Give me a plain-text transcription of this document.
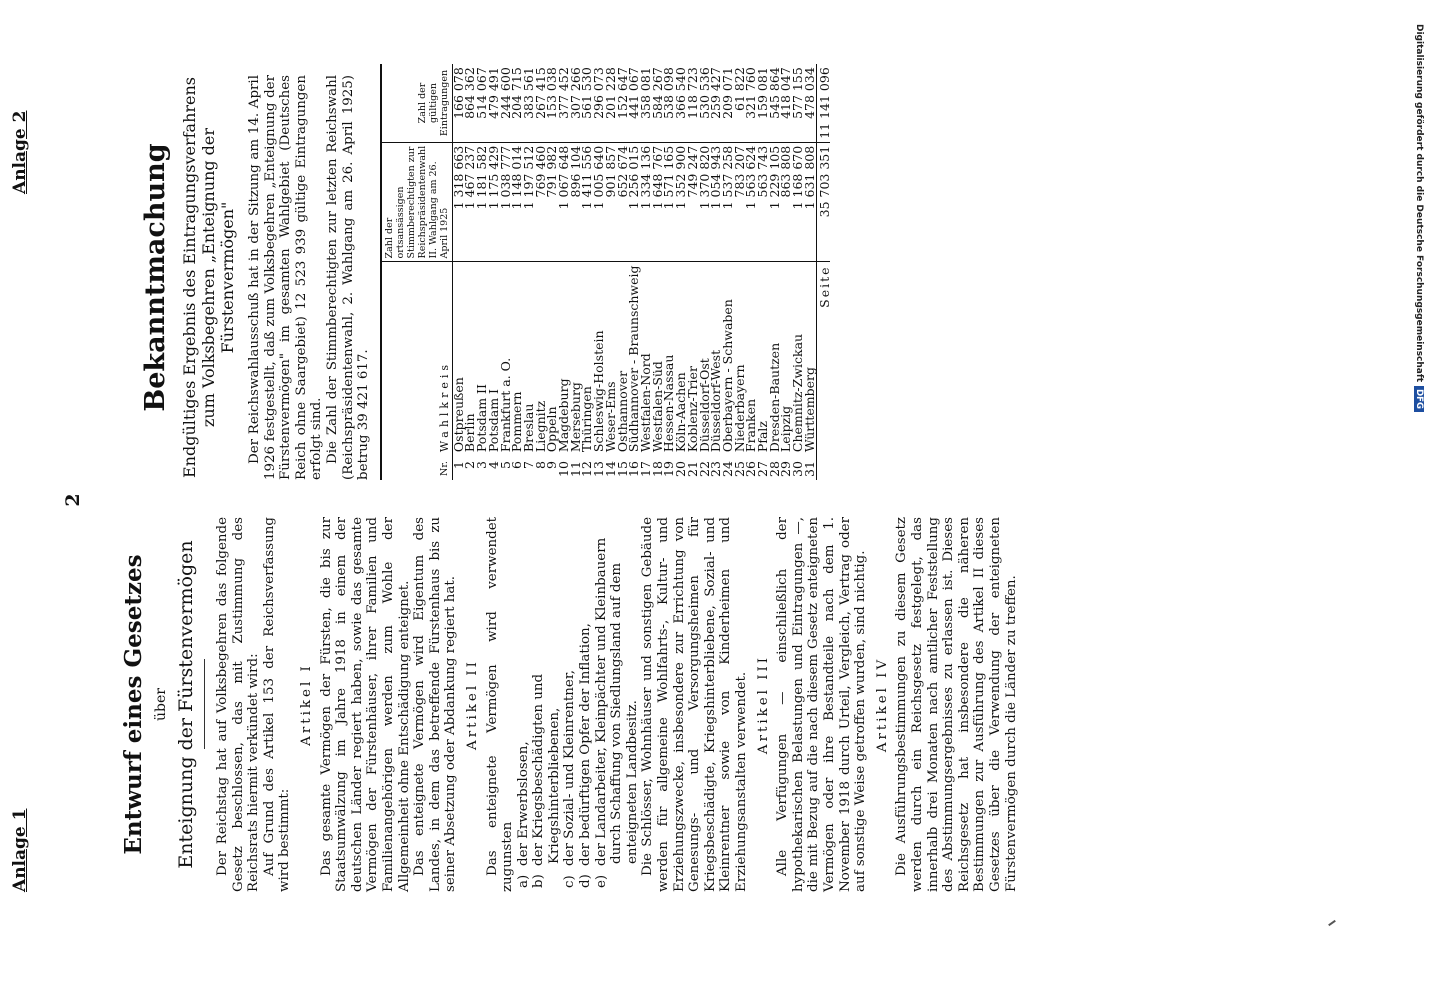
2
Anlage 1
Anlage 2
Entwurf eines Gesetzes über Enteignung der Fürstenvermögen Der Reichstag hat auf Volksbegehren das folgende Gesetz beschlossen, das mit Zustimmung des Reichsrats hiermit verkündet wird: Auf Grund des Artikel 153 der Reichsverfassung wird bestimmt:

Artikel I Das gesamte Vermögen der Fürsten, die bis zur Staatsumwälzung im Jahre 1918 in einem der deutschen Länder regiert haben, sowie das gesamte Vermögen der Fürstenhäuser, ihrer Familien und Familienangehörigen werden zum Wohle der Allgemeinheit ohne Entschädigung enteignet. Das enteignete Vermögen wird Eigentum des Landes, in dem das betreffende Fürstenhaus bis zu seiner Absetzung oder Abdankung regiert hat. Artikel II Das enteignete Vermögen wird verwendet zugunsten a)der Erwerbslosen,
b)der Kriegsbeschädigten und Kriegshinterbliebenen,
c)der Sozial- und Kleinrentner,
d)der bedürftigen Opfer der Inflation,
e)der Landarbeiter, Kleinpächter und Kleinbauern durch Schaffung von Siedlungsland auf dem enteigneten Landbesitz. Die Schlösser, Wohnhäuser und sonstigen Gebäude werden für allgemeine Wohlfahrts-, Kultur- und Erziehungszwecke, insbesondere zur Errichtung von Genesungs- und Versorgungsheimen für Kriegsbeschädigte, Kriegshinterbliebene, Sozial- und Kleinrentner sowie von Kinderheimen und Erziehungsanstalten verwendet. Artikel III Alle Verfügungen — einschließlich der hypothekarischen Belastungen und Eintragungen —, die mit Bezug auf die nach diesem Gesetz enteigneten Vermögen oder ihre Bestandteile nach dem 1. November 1918 durch Urteil, Vergleich, Vertrag oder auf sonstige Weise getroffen wurden, sind nichtig. Artikel IV Die Ausführungsbestimmungen zu diesem Gesetz werden durch ein Reichsgesetz festgelegt, das innerhalb drei Monaten nach amtlicher Feststellung des Abstimmungsergebnisses zu erlassen ist. Dieses Reichsgesetz hat insbesondere die näheren Bestimmungen zur Ausführung des Artikel II dieses Gesetzes über die Verwendung der enteigneten Fürstenvermögen durch die Länder zu treffen.

Bekanntmachung Endgültiges Ergebnis des Eintragungsverfahrens zum Volksbegehren „Enteignung der Fürstenvermögen" Der Reichswahlausschuß hat in der Sitzung am 14. April 1926 festgestellt, daß zum Volksbegehren „Enteignung der Fürstenvermögen" im gesamten Wahlgebiet (Deutsches Reich ohne Saargebiet) 12 523 939 gültige Eintragungen erfolgt sind. Die Zahl der Stimmberechtigten zur letzten Reichswahl (Reichspräsidentenwahl, 2. Wahlgang am 26. April 1925) betrug 39 421 617.	Nr.	Wahlkreis	Zahl der ortsansässigen Stimmberechtigten zur Reichspräsidentenwahl II. Wahlgang am 26. April 1925	Zahl der gültigen Eintragungen
1	Ostpreußen	1 318 663	166 078
2	Berlin	1 467 237	864 362
3	Potsdam II	1 181 582	514 067
4	Potsdam I	1 175 429	479 491
5	Frankfurt a. O.	1 038 777	244 600
6	Pommern	1 148 014	204 715
7	Breslau	1 197 512	383 561
8	Liegnitz	769 460	267 415
9	Oppeln	791 982	153 038
10	Magdeburg	1 067 648	377 452
11	Merseburg	896 104	307 266
12	Thüringen	1 411 556	561 530
13	Schleswig-Holstein	1 005 640	296 073
14	Weser-Ems	901 857	201 228
15	Osthannover	652 674	152 647
16	Südhannover - Braunschweig	1 256 015	441 067
17	Westfalen-Nord	1 334 136	358 081
18	Westfalen-Süd	1 648 767	584 267
19	Hessen-Nassau	1 571 165	538 098
20	Köln-Aachen	1 352 900	366 540
21	Koblenz-Trier	749 247	118 723
22	Düsseldorf-Ost	1 370 820	530 536
23	Düsseldorf-West	1 054 943	259 427
24	Oberbayern - Schwaben	1 537 258	209 071
25	Niederbayern	783 207	61 822
26	Franken	1 563 624	321 760
27	Pfalz	563 743	159 081
28	Dresden-Bautzen	1 229 105	545 864
29	Leipzig	863 808	418 047
30	Chemnitz-Zwickau	1 168 670	577 155
31	Württemberg	1 631 808	478 034
	Seite	35 703 351	11 141 096	Digitalisierung gefördert durch die Deutsche ForschungsgemeinschaftDFG
